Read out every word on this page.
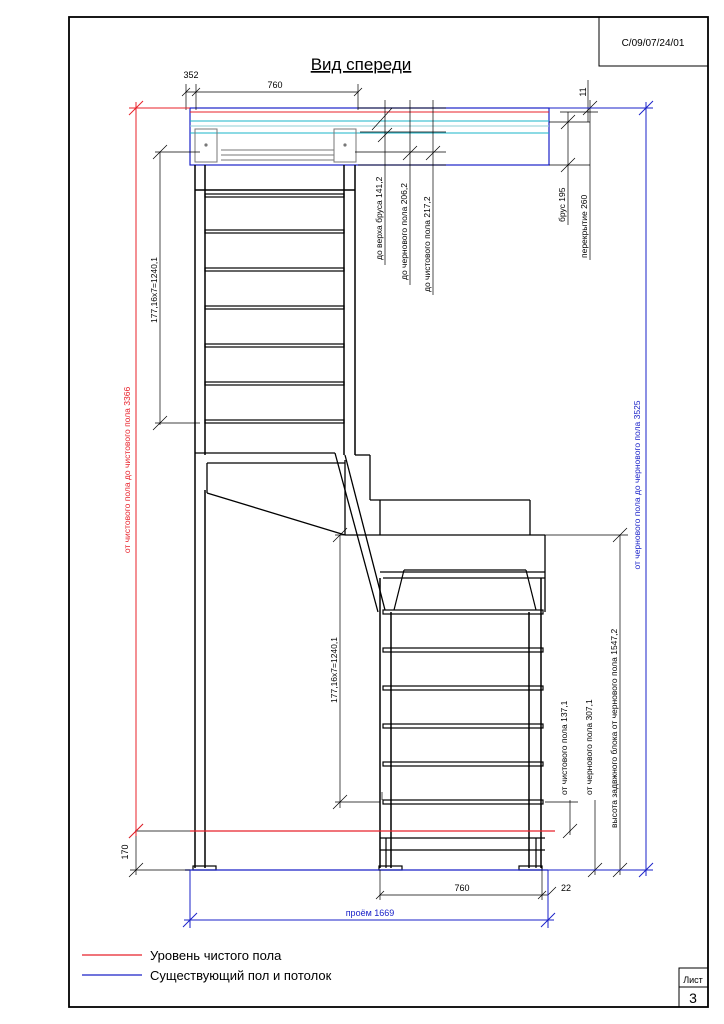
С/09/07/24/01
Вид спереди
Лист
3
352
760
11
до верха бруса 141,2 до чернового пола 206,2 до чистового пола 217,2	брус 195 перекрытие 260
177,16х7=1240,1
от чистового пола до чистового пола 3366	от чернового пола до чернового пола 3525
177,16х7=1240,1
от чистового пола 137,1 от чернового пола 307,1 высота задвжного блока от чернового пола 1547,2
170
760	22
проём 1669
Уровень чистого пола
Существующий пол и потолок
